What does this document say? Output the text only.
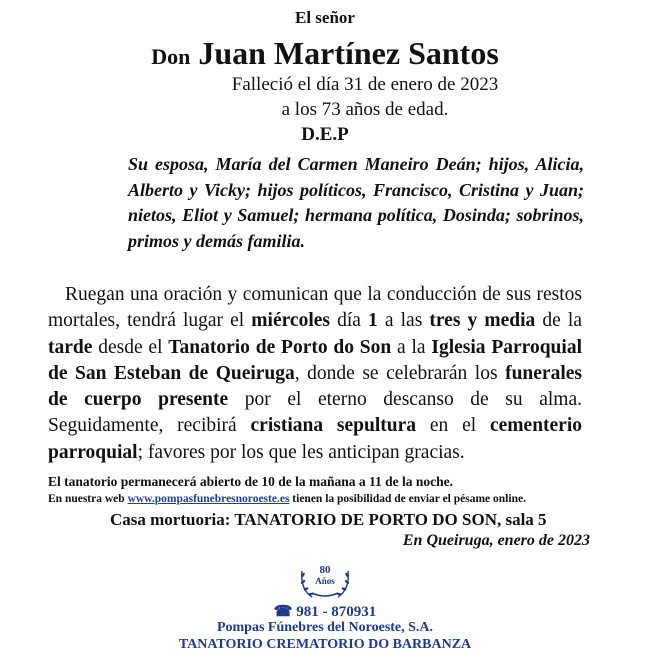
El señor
Don Juan Martínez Santos
Falleció el día 31 de enero de 2023
a los 73 años de edad.
D.E.P
Su esposa, María del Carmen Maneiro Deán; hijos, Alicia, Alberto y Vicky; hijos políticos, Francisco, Cristina y Juan; nietos, Eliot y Samuel; hermana política, Dosinda; sobrinos, primos y demás familia.
Ruegan una oración y comunican que la conducción de sus restos mortales, tendrá lugar el miércoles día 1 a las tres y media de la tarde desde el Tanatorio de Porto do Son a la Iglesia Parroquial de San Esteban de Queiruga, donde se celebrarán los funerales de cuerpo presente por el eterno descanso de su alma. Seguidamente, recibirá cristiana sepultura en el cementerio parroquial; favores por los que les anticipan gracias.
El tanatorio permanecerá abierto de 10 de la mañana a 11 de la noche.
En nuestra web www.pompasfunebresnoroeste.es tienen la posibilidad de enviar el pésame online.
Casa mortuoria: TANATORIO DE PORTO DO SON, sala 5
En Queiruga, enero de 2023
80
Años
☎ 981 - 870931
Pompas Fúnebres del Noroeste, S.A.
TANATORIO CREMATORIO DO BARBANZA
